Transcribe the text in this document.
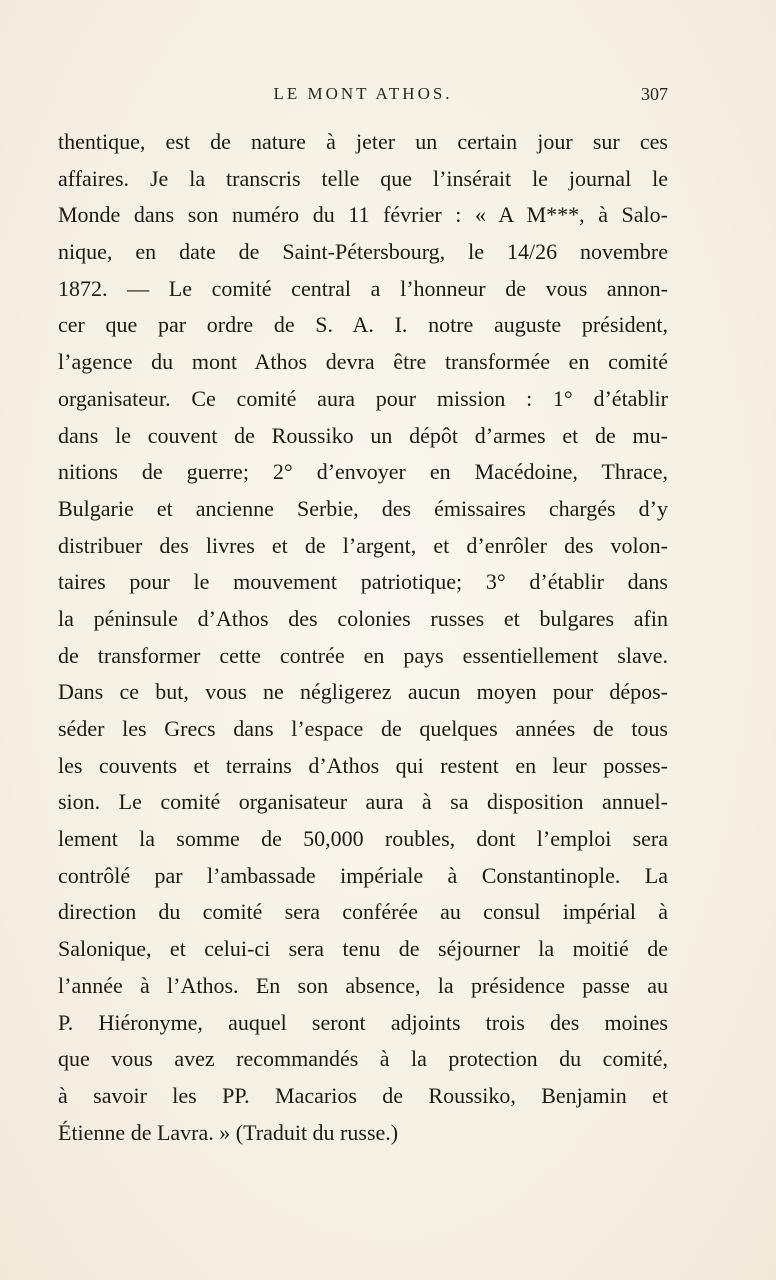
LE MONT ATHOS.	307
thentique, est de nature à jeter un certain jour sur ces
affaires. Je la transcris telle que l’insérait le journal le
Monde dans son numéro du 11 février : « A M***, à Salo-
nique, en date de Saint-Pétersbourg, le 14/26 novembre
1872. — Le comité central a l’honneur de vous annon-
cer que par ordre de S. A. I. notre auguste président,
l’agence du mont Athos devra être transformée en comité
organisateur. Ce comité aura pour mission : 1° d’établir
dans le couvent de Roussiko un dépôt d’armes et de mu-
nitions de guerre; 2° d’envoyer en Macédoine, Thrace,
Bulgarie et ancienne Serbie, des émissaires chargés d’y
distribuer des livres et de l’argent, et d’enrôler des volon-
taires pour le mouvement patriotique; 3° d’établir dans
la péninsule d’Athos des colonies russes et bulgares afin
de transformer cette contrée en pays essentiellement slave.
Dans ce but, vous ne négligerez aucun moyen pour dépos-
séder les Grecs dans l’espace de quelques années de tous
les couvents et terrains d’Athos qui restent en leur posses-
sion. Le comité organisateur aura à sa disposition annuel-
lement la somme de 50,000 roubles, dont l’emploi sera
contrôlé par l’ambassade impériale à Constantinople. La
direction du comité sera conférée au consul impérial à
Salonique, et celui-ci sera tenu de séjourner la moitié de
l’année à l’Athos. En son absence, la présidence passe au
P. Hiéronyme, auquel seront adjoints trois des moines
que vous avez recommandés à la protection du comité,
à savoir les PP. Macarios de Roussiko, Benjamin et
Étienne de Lavra. » (Traduit du russe.)
